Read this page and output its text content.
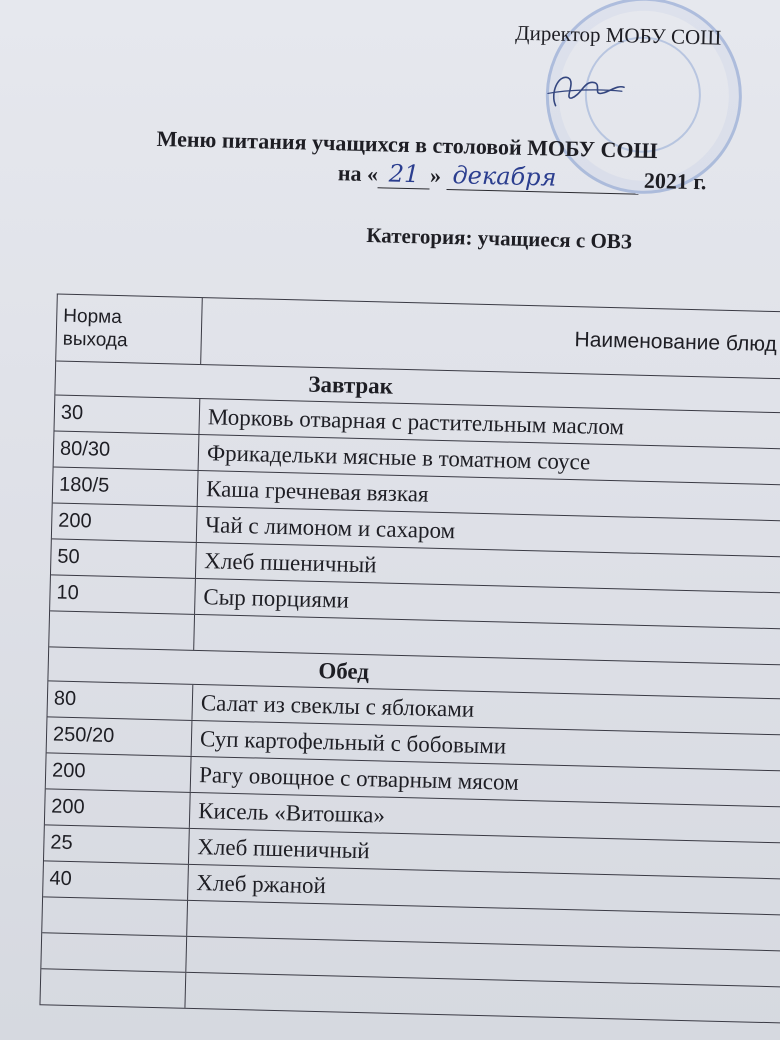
Директор МОБУ СОШ
Меню питания учащихся в столовой МОБУ СОШ
на « 21 » декабря	2021 г.
Категория: учащиеся с ОВЗ
Норма
выхода	Наименование блюд
Завтрак
30	Морковь отварная с растительным маслом
80/30	Фрикадельки мясные в томатном соусе
180/5	Каша гречневая вязкая
200	Чай с лимоном и сахаром
50	Хлеб пшеничный
10	Сыр порциями
Обед
80	Салат из свеклы с яблоками
250/20	Суп картофельный с бобовыми
200	Рагу овощное с отварным мясом
200	Кисель «Витошка»
25	Хлеб пшеничный
40	Хлеб ржаной
